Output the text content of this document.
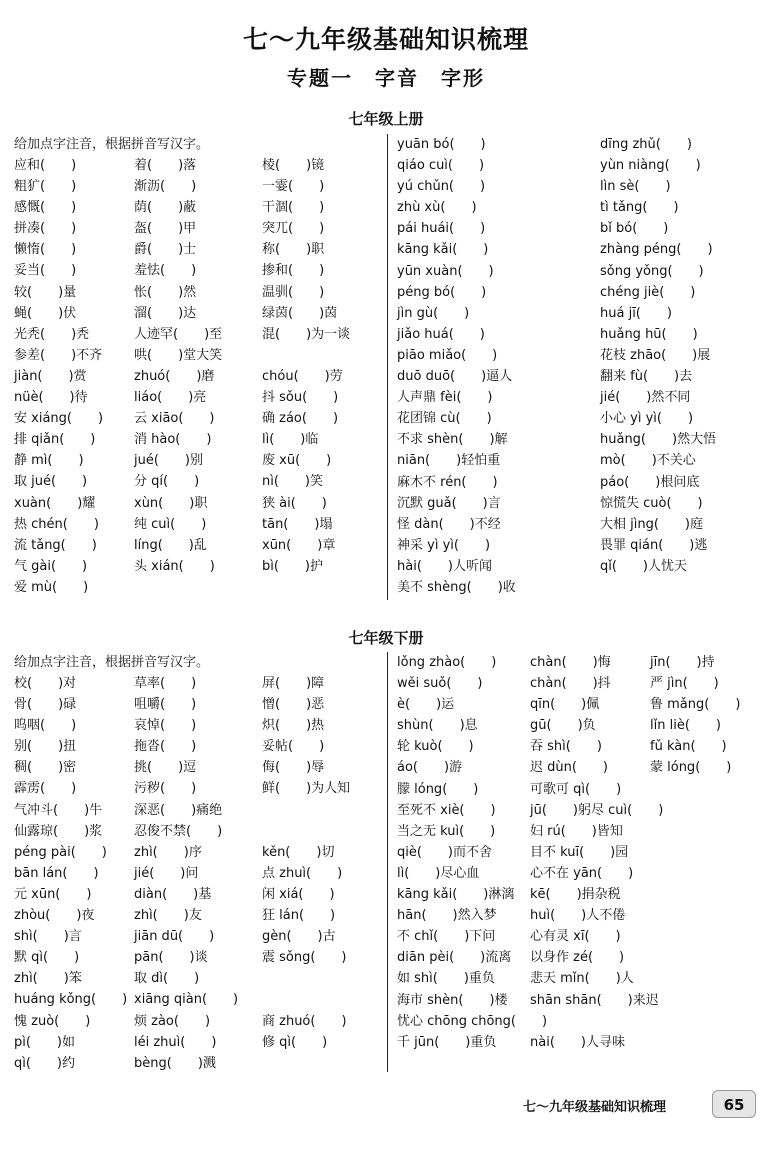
七～九年级基础知识梳理
专题一　字音　字形
七年级上册
给加点字注音，根据拼音写汉字。
应和(　　)	着(　　)落	棱(　　)镜
粗犷(　　)	渐沥(　　)	一霎(　　)
感慨(　　)	荫(　　)蔽	干涸(　　)
拼凑(　　)	盔(　　)甲	突兀(　　)
懒惰(　　)	爵(　　)士	称(　　)职
妥当(　　)	羞怯(　　)	掺和(　　)
较(　　)量	怅(　　)然	温驯(　　)
蝇(　　)伏	溜(　　)达	绿茵(　　)茵
光秃(　　)秃	人迹罕(　　)至	混(　　)为一谈
参差(　　)不齐 哄(　　)堂大笑
jiàn(　　)赏	zhuó(　　)磨	chóu(　　)劳
nüè(　　)待	liáo(　　)亮	抖 sǒu(　　)
安 xiáng(　　) 云 xiāo(　　)	确 záo(　　)
排 qiǎn(　　)	消 hào(　　)	lì(　　)临
静 mì(　　)	jué(　　)别	废 xū(　　)
取 jué(　　)	分 qí(　　)	nì(　　)笑
xuàn(　　)耀	xùn(　　)职	狭 ài(　　)
热 chén(　　)	纯 cuì(　　)	tān(　　)塌
流 tǎng(　　)	líng(　　)乱	xūn(　　)章
气 gài(　　)	头 xián(　　)	bì(　　)护
爱 mù(　　)
yuān bó(　　)	dīng zhǔ(　　)
qiáo cuì(　　)	yùn niàng(　　)
yú chǔn(　　)	lìn sè(　　)
zhù xù(　　)	tì tǎng(　　)
pái huái(　　)	bǐ bó(　　)
kāng kǎi(　　)	zhàng péng(　　)
yūn xuàn(　　)	sǒng yǒng(　　)
péng bó(　　)	chéng jiè(　　)
jìn gù(　　)	huá jī(　　)
jiǎo huá(　　)	huǎng hū(　　)
piāo miǎo(　　)	花枝 zhāo(　　)展
duō duō(　　)逼人	翻来 fù(　　)去
人声鼎 fèi(　　)	jié(　　)然不同
花团锦 cù(　　)	小心 yì yì(　　)
不求 shèn(　　)解	huǎng(　　)然大悟
niān(　　)轻怕重	mò(　　)不关心
麻木不 rén(　　)	páo(　　)根问底
沉默 guǎ(　　)言	惊慌失 cuò(　　)
怪 dàn(　　)不经	大相 jìng(　　)庭
神采 yì yì(　　)	畏罪 qián(　　)逃
hài(　　)人听闻	qǐ(　　)人忧天
美不 shèng(　　)收
七年级下册
给加点字注音，根据拼音写汉字。
校(　　)对	草率(　　)	屏(　　)障
骨(　　)碌	咀嚼(　　)	憎(　　)恶
呜咽(　　)	哀悼(　　)	炽(　　)热
别(　　)扭	拖沓(　　)	妥帖(　　)
稠(　　)密	挑(　　)逗	侮(　　)辱
霹雳(　　)	污秽(　　)	鲜(　　)为人知
气冲斗(　　)牛 深恶(　　)痛绝
仙露琼(　　)浆 忍俊不禁(　　)
péng pài(　　) zhì(　　)序	kěn(　　)切
bān lán(　　)	jié(　　)问	点 zhuì(　　)
元 xūn(　　)	diàn(　　)基	闲 xiá(　　)
zhòu(　　)夜	zhì(　　)友	狂 lán(　　)
shì(　　)言	jiān dū(　　)	gèn(　　)古
默 qì(　　)	pān(　　)谈	震 sǒng(　　)
zhì(　　)笨	取 dì(　　)
huáng kǒng(　　) xiāng qiàn(　　)
愧 zuò(　　)	烦 zào(　　)	商 zhuó(　　)
pì(　　)如	léi zhuì(　　)	修 qì(　　)
qì(　　)约	bèng(　　)溅
lǒng zhào(　　)	chàn(　　)悔	jīn(　　)持
wěi suǒ(　　)	chàn(　　)抖	严 jìn(　　)
è(　　)运	qīn(　　)佩	鲁 mǎng(　　)
shùn(　　)息	gū(　　)负	lǐn liè(　　)
轮 kuò(　　)	吞 shì(　　)	fǔ kàn(　　)
áo(　　)游	迟 dùn(　　)	蒙 lóng(　　)
朦 lóng(　　)	可歌可 qì(　　)
至死不 xiè(　　)	jū(　　)躬尽 cuì(　　)
当之无 kuì(　　)	妇 rú(　　)皆知
qiè(　　)而不舍	目不 kuī(　　)园
lì(　　)尽心血	心不在 yān(　　)
kāng kǎi(　　)淋漓 kē(　　)捐杂税
hān(　　)然入梦	huì(　　)人不倦
不 chǐ(　　)下问	心有灵 xī(　　)
diān pèi(　　)流离 以身作 zé(　　)
如 shì(　　)重负	悲天 mǐn(　　)人
海市 shèn(　　)楼 shān shān(　　)来迟
忧心 chōng chōng(　　)
千 jūn(　　)重负	nài(　　)人寻味
七～九年级基础知识梳理	65
